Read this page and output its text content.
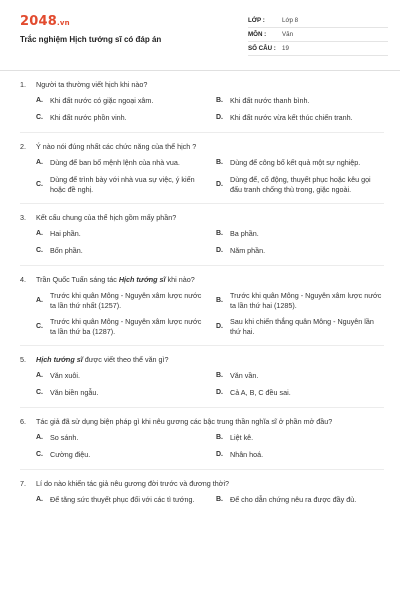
2048.vn
Trắc nghiệm Hịch tướng sĩ có đáp án
LỚP :	Lớp 8
MÔN :	Văn
SỐ CÂU : 19
1.	Người ta thường viết hịch khi nào?
A. Khi đất nước có giặc ngoại xâm.	B. Khi đất nước thanh bình.
C. Khi đất nước phồn vinh.	D. Khi đất nước vừa kết thúc chiến tranh.
2.	Ý nào nói đúng nhất các chức năng của thể hịch ?
A. Dùng để ban bố mệnh lệnh của nhà vua.	B. Dùng để công bố kết quả một sự nghiệp.
C.
Dùng để trình bày với nhà vua sự việc, ý kiến hoặc đề nghị.
D.
Dùng để, cổ động, thuyết phục hoặc kêu gọi đấu tranh chống thù trong, giặc ngoài.
3.	Kết cấu chung của thể hịch gồm mấy phần?
A. Hai phần.	B. Ba phần.
C. Bốn phần.	D. Năm phần.
4.	Trần Quốc Tuấn sáng tác Hịch tướng sĩ khi nào?
A.
Trước khi quân Mông - Nguyên xâm lược nước ta lần thứ nhất (1257).
B.
Trước khi quân Mông - Nguyên xâm lược nước ta lần thứ hai (1285).
C.
Trước khi quân Mông - Nguyên xâm lược nước ta lần thứ ba (1287).
D.
Sau khi chiến thắng quân Mông - Nguyên lần thứ hai.
5.	Hịch tướng sĩ được viết theo thể văn gì?
A. Văn xuôi.	B. Văn vần.
C. Văn biền ngẫu.	D. Cả A, B, C đều sai.
6.	Tác giả đã sử dụng biện pháp gì khi nêu gương các bậc trung thần nghĩa sĩ ở phần mở đầu?
A. So sánh.	B. Liệt kê.
C. Cường điệu.	D. Nhân hoá.
7.	Lí do nào khiến tác giả nêu gương đời trước và đương thời?
A. Để tăng sức thuyết phục đối với các tì tướng.	B. Để cho dẫn chứng nêu ra được đầy đủ.
